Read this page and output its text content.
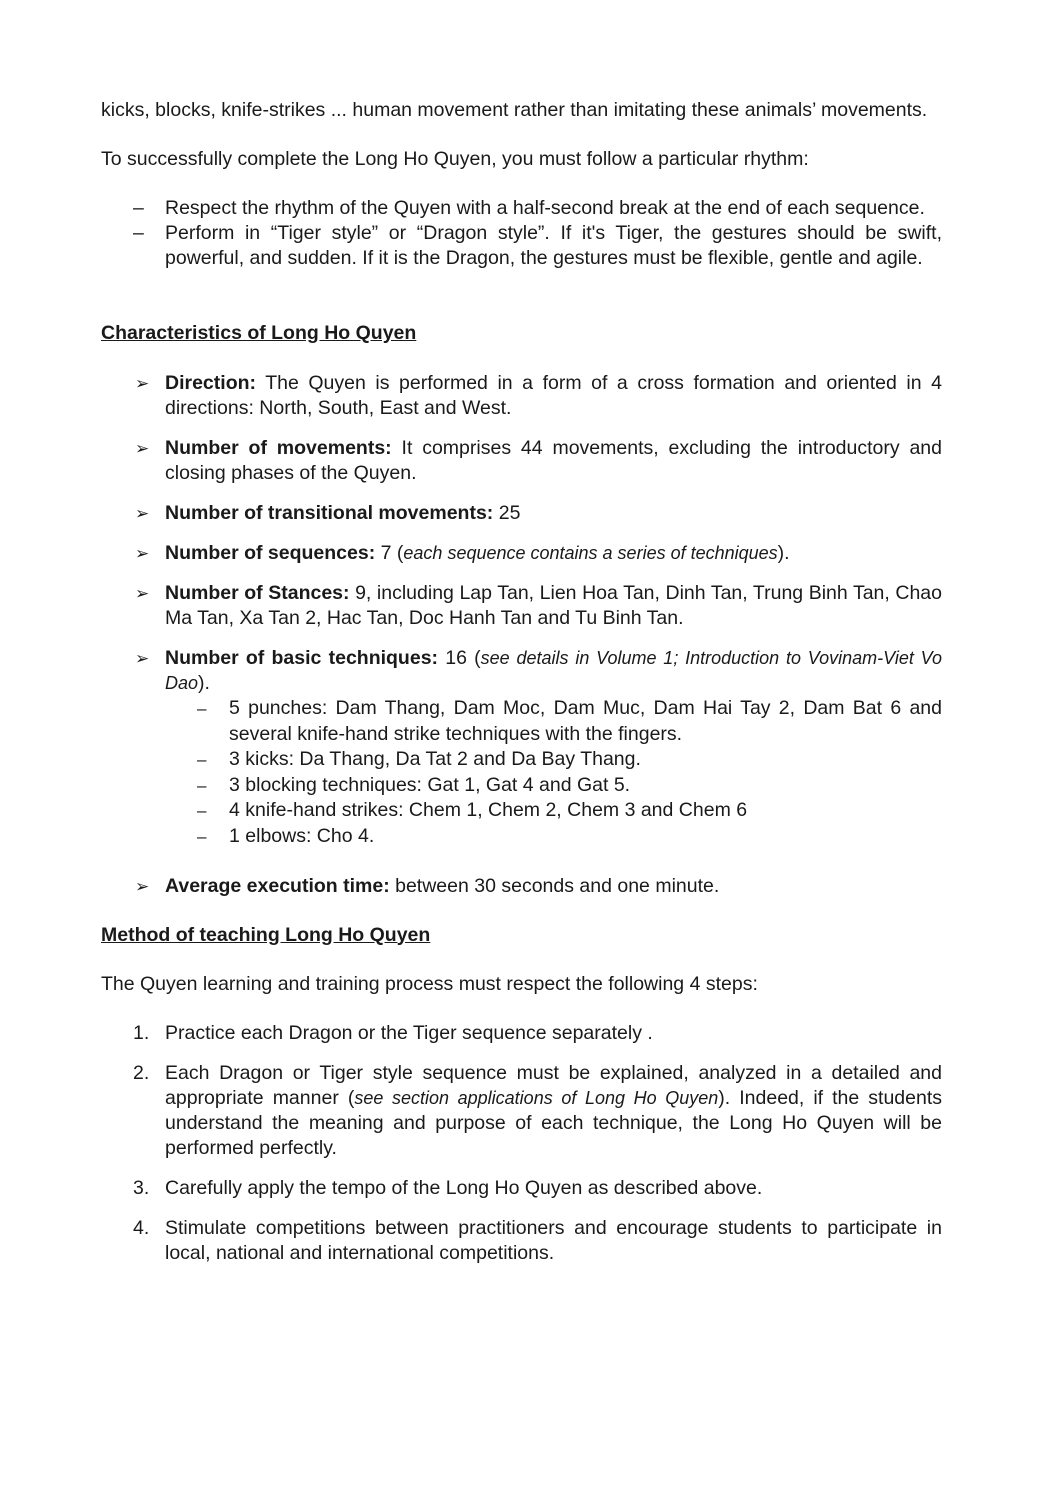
kicks, blocks, knife-strikes ... human movement rather than imitating these animals’ movements.

To successfully complete the Long Ho Quyen, you must follow a particular rhythm:

– Respect the rhythm of the Quyen with a half-second break at the end of each sequence.
– Perform in “Tiger style” or “Dragon style”. If it's Tiger, the gestures should be swift, powerful, and sudden. If it is the Dragon, the gestures must be flexible, gentle and agile.
Characteristics of Long Ho Quyen
➢ Direction: The Quyen is performed in a form of a cross formation and oriented in 4 directions: North, South, East and West.
➢ Number of movements: It comprises 44 movements, excluding the introductory and closing phases of the Quyen.
➢ Number of transitional movements: 25
➢ Number of sequences: 7 (each sequence contains a series of techniques).
➢ Number of Stances: 9, including Lap Tan, Lien Hoa Tan, Dinh Tan, Trung Binh Tan, Chao Ma Tan, Xa Tan 2, Hac Tan, Doc Hanh Tan and Tu Binh Tan.
➢ Number of basic techniques: 16 (see details in Volume 1; Introduction to Vovinam-Viet Vo Dao).
– 5 punches: Dam Thang, Dam Moc, Dam Muc, Dam Hai Tay 2, Dam Bat 6 and several knife-hand strike techniques with the fingers.
– 3 kicks: Da Thang, Da Tat 2 and Da Bay Thang.
– 3 blocking techniques: Gat 1, Gat 4 and Gat 5.
– 4 knife-hand strikes: Chem 1, Chem 2, Chem 3 and Chem 6
– 1 elbows: Cho 4.
➢ Average execution time: between 30 seconds and one minute.
Method of teaching Long Ho Quyen

The Quyen learning and training process must respect the following 4 steps:

1. Practice each Dragon or the Tiger sequence separately .
2. Each Dragon or Tiger style sequence must be explained, analyzed in a detailed and appropriate manner (see section applications of Long Ho Quyen). Indeed, if the students understand the meaning and purpose of each technique, the Long Ho Quyen will be performed perfectly.
3. Carefully apply the tempo of the Long Ho Quyen as described above.
4. Stimulate competitions between practitioners and encourage students to participate in local, national and international competitions.
